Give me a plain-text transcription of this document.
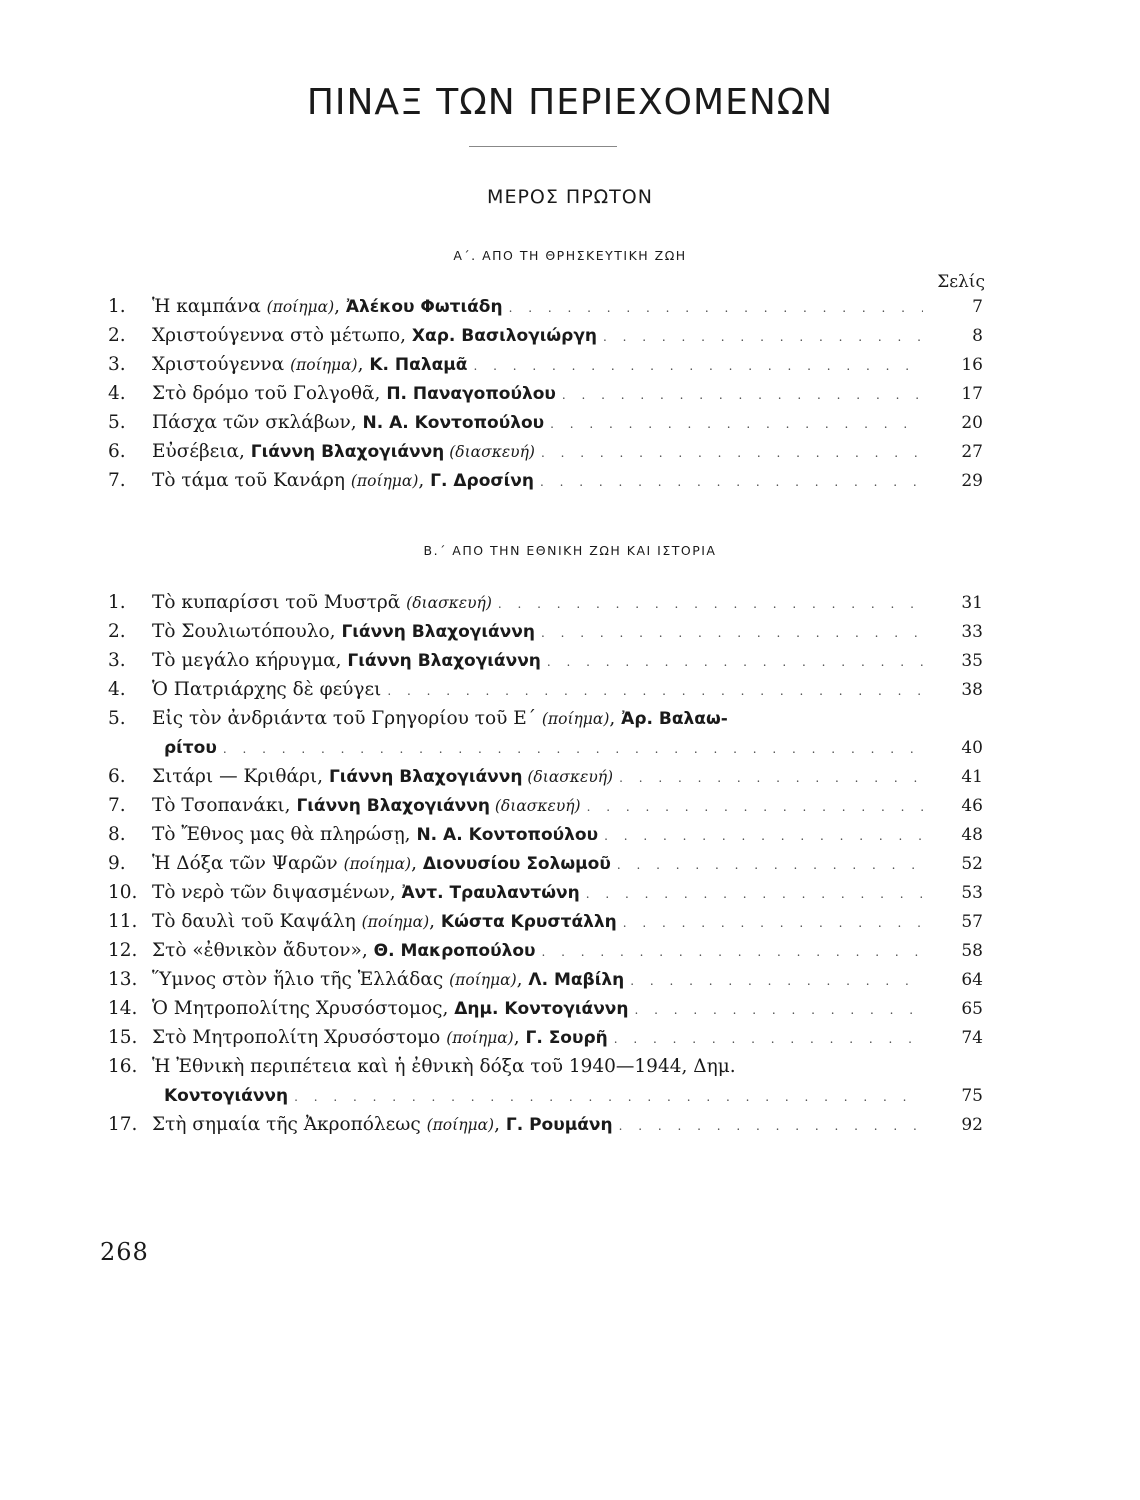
ΠΙΝΑΞ ΤΩΝ ΠΕΡΙΕΧΟΜΕΝΩΝ
ΜΕΡΟΣ ΠΡΩΤΟΝ
Α΄. ΑΠΟ ΤΗ ΘΡΗΣΚΕΥΤΙΚΗ ΖΩΗ
Σελίς
1.	Ἡ καμπάνα (ποίημα), Ἀλέκου Φωτιάδη . . .	7
2.	Χριστούγεννα στὸ μέτωπο, Χαρ. Βασιλογιώργη . . .	8
3.	Χριστούγεννα (ποίημα), Κ. Παλαμᾶ . . .	16
4.	Στὸ δρόμο τοῦ Γολγοθᾶ, Π. Παναγοπούλου . . .	17
5.	Πάσχα τῶν σκλάβων, Ν. Α. Κοντοπούλου . . .	20
6.	Εὐσέβεια, Γιάννη Βλαχογιάννη (διασκευή) . . .	27
7.	Τὸ τάμα τοῦ Κανάρη (ποίημα), Γ. Δροσίνη . . .	29
Β.΄ ΑΠΟ ΤΗΝ ΕΘΝΙΚΗ ΖΩΗ ΚΑΙ ΙΣΤΟΡΙΑ
1.	Τὸ κυπαρίσσι τοῦ Μυστρᾶ (διασκευή) . . .	31
2.	Τὸ Σουλιωτόπουλο, Γιάννη Βλαχογιάννη . . .	33
3.	Τὸ μεγάλο κήρυγμα, Γιάννη Βλαχογιάννη . . .	35
4.	Ὁ Πατριάρχης δὲ φεύγει . . .	38
5.	Εἰς τὸν ἀνδριάντα τοῦ Γρηγορίου τοῦ Ε΄ (ποίημα), Ἀρ. Βαλαω-
ρίτου . . .	40
6.	Σιτάρι — Κριθάρι, Γιάννη Βλαχογιάννη (διασκευή) . . .	41
7.	Τὸ Τσοπανάκι, Γιάννη Βλαχογιάννη (διασκευή) . . .	46
8.	Τὸ Ἔθνος μας θὰ πληρώσῃ, Ν. Α. Κοντοπούλου . . .	48
9.	Ἡ Δόξα τῶν Ψαρῶν (ποίημα), Διονυσίου Σολωμοῦ . . .	52
10. Τὸ νερὸ τῶν διψασμένων, Ἀντ. Τραυλαντώνη . . .	53
11. Τὸ δαυλὶ τοῦ Καψάλη (ποίημα), Κώστα Κρυστάλλη . . .	57
12. Στὸ «ἐθνικὸν ἄδυτον», Θ. Μακροπούλου . . .	58
13. Ὕμνος στὸν ἥλιο τῆς Ἑλλάδας (ποίημα), Λ. Μαβίλη . . .	64
14. Ὁ Μητροπολίτης Χρυσόστομος, Δημ. Κοντογιάννη . . .	65
15. Στὸ Μητροπολίτη Χρυσόστομο (ποίημα), Γ. Σουρῆ . . .	74
16. Ἡ Ἐθνικὴ περιπέτεια καὶ ἡ ἐθνικὴ δόξα τοῦ 1940—1944, Δημ.
Κοντογιάννη . . .	75
17. Στὴ σημαία τῆς Ἀκροπόλεως (ποίημα), Γ. Ρουμάνη . . .	92
268
